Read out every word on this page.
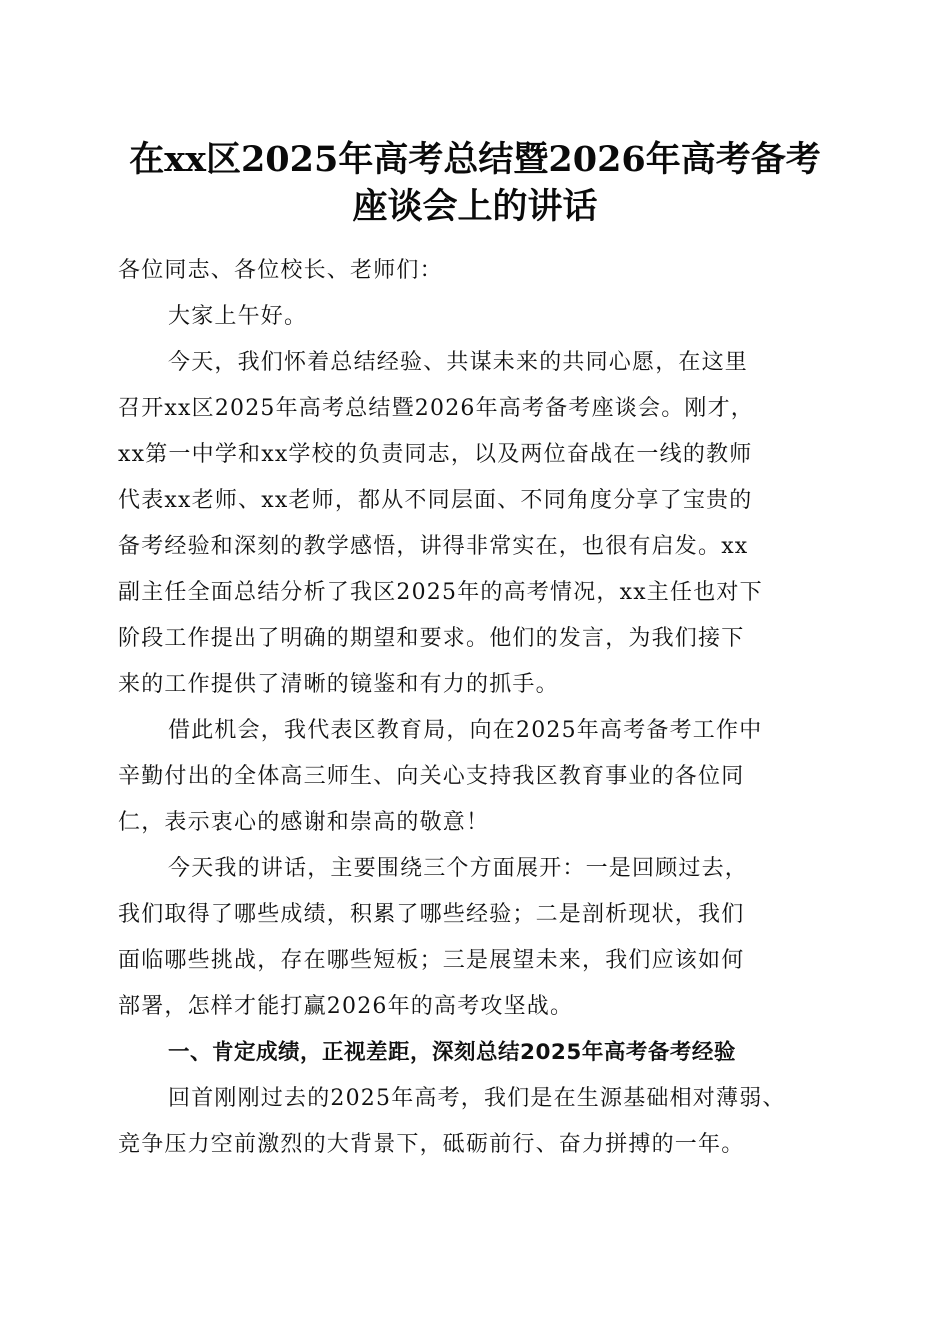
在xx区2025年高考总结暨2026年高考备考
座谈会上的讲话
各位同志、各位校长、老师们：
大家上午好。
今天，我们怀着总结经验、共谋未来的共同心愿，在这里
召开xx区2025年高考总结暨2026年高考备考座谈会。刚才，
xx第一中学和xx学校的负责同志，以及两位奋战在一线的教师
代表xx老师、xx老师，都从不同层面、不同角度分享了宝贵的
备考经验和深刻的教学感悟，讲得非常实在，也很有启发。xx
副主任全面总结分析了我区2025年的高考情况，xx主任也对下
阶段工作提出了明确的期望和要求。他们的发言，为我们接下
来的工作提供了清晰的镜鉴和有力的抓手。
借此机会，我代表区教育局，向在2025年高考备考工作中
辛勤付出的全体高三师生、向关心支持我区教育事业的各位同
仁，表示衷心的感谢和崇高的敬意！
今天我的讲话，主要围绕三个方面展开：一是回顾过去，
我们取得了哪些成绩，积累了哪些经验；二是剖析现状，我们
面临哪些挑战，存在哪些短板；三是展望未来，我们应该如何
部署，怎样才能打赢2026年的高考攻坚战。
一、肯定成绩，正视差距，深刻总结2025年高考备考经验
回首刚刚过去的2025年高考，我们是在生源基础相对薄弱、
竞争压力空前激烈的大背景下，砥砺前行、奋力拼搏的一年。
